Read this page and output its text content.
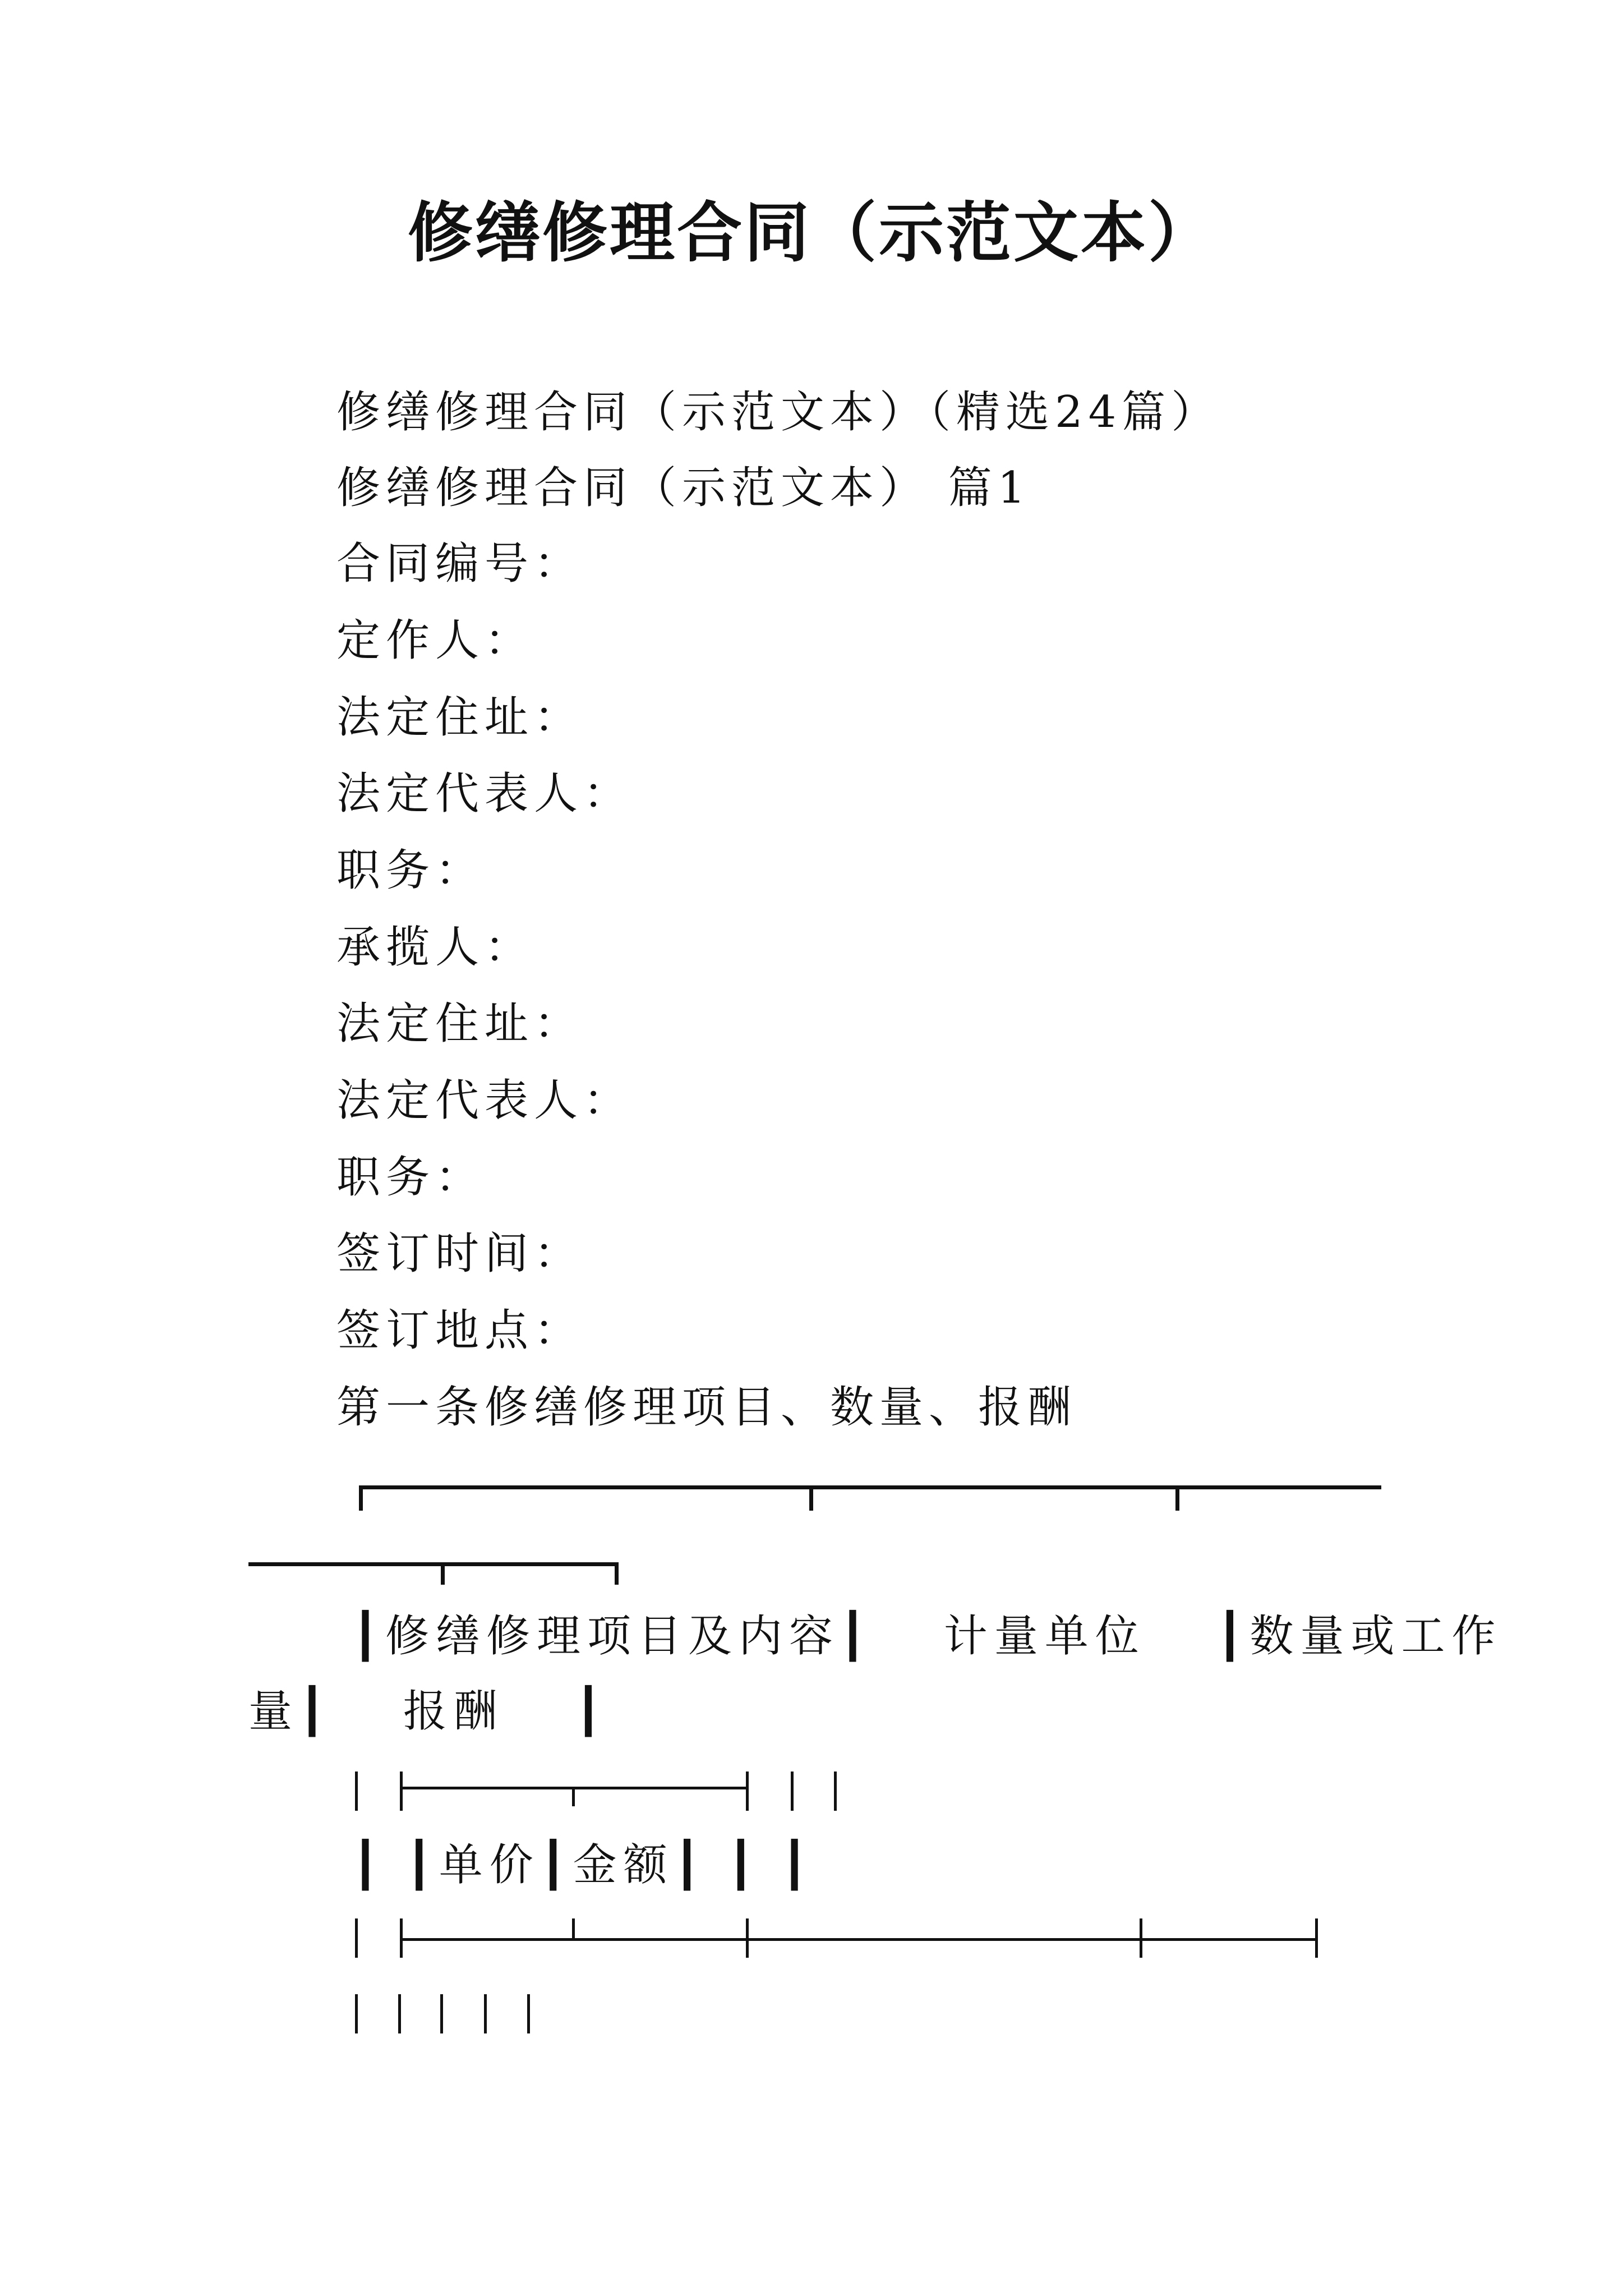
修缮修理合同（示范文本）
修缮修理合同（示范文本）（精选24篇）
修缮修理合同（示范文本） 篇1
合同编号：
定作人：
法定住址：
法定代表人：
职务：
承揽人：
法定住址：
法定代表人：
职务：
签订时间：
签订地点：
第一条修缮修理项目、数量、报酬
┃修缮修理项目及内容┃　 计量单位　 ┃数量或工作
量┃　 报酬　 ┃
┃ ┃单价┃金额┃ ┃ ┃
